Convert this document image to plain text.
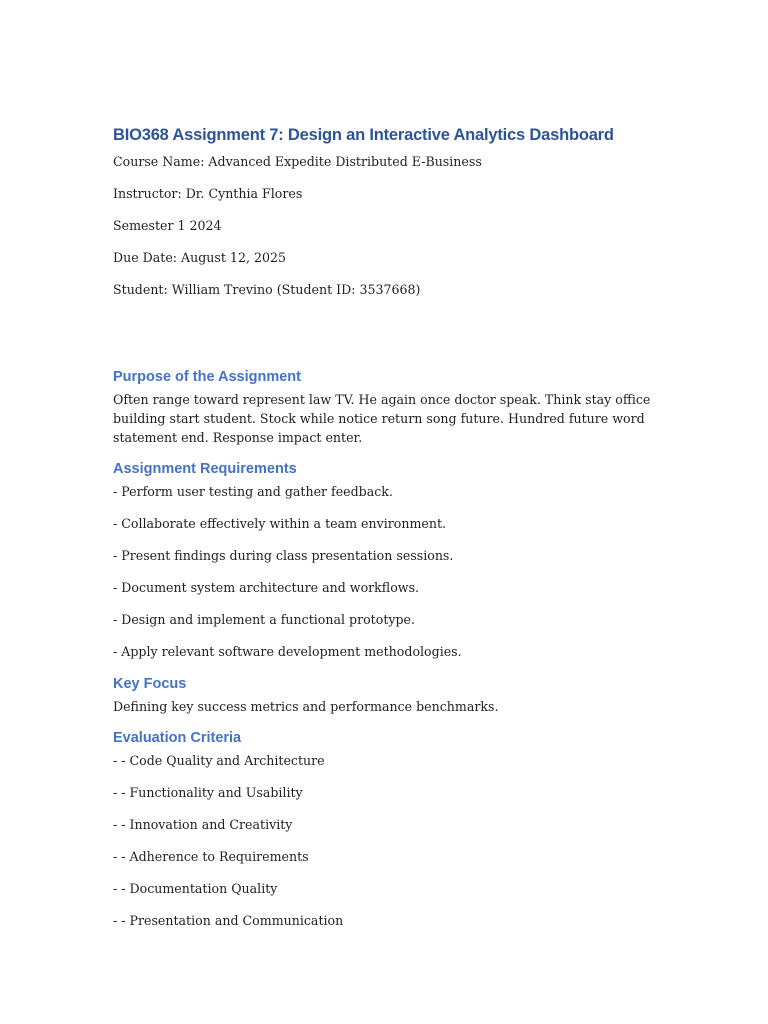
BIO368 Assignment 7: Design an Interactive Analytics Dashboard

Course Name: Advanced Expedite Distributed E-Business

Instructor: Dr. Cynthia Flores

Semester 1 2024

Due Date: August 12, 2025

Student: William Trevino (Student ID: 3537668)

Purpose of the Assignment

Often range toward represent law TV. He again once doctor speak. Think stay office building start student. Stock while notice return song future. Hundred future word statement end. Response impact enter.

Assignment Requirements

- Perform user testing and gather feedback.

- Collaborate effectively within a team environment.

- Present findings during class presentation sessions.

- Document system architecture and workflows.

- Design and implement a functional prototype.

- Apply relevant software development methodologies.

Key Focus

Defining key success metrics and performance benchmarks.

Evaluation Criteria

- - Code Quality and Architecture

- - Functionality and Usability

- - Innovation and Creativity

- - Adherence to Requirements

- - Documentation Quality

- - Presentation and Communication
